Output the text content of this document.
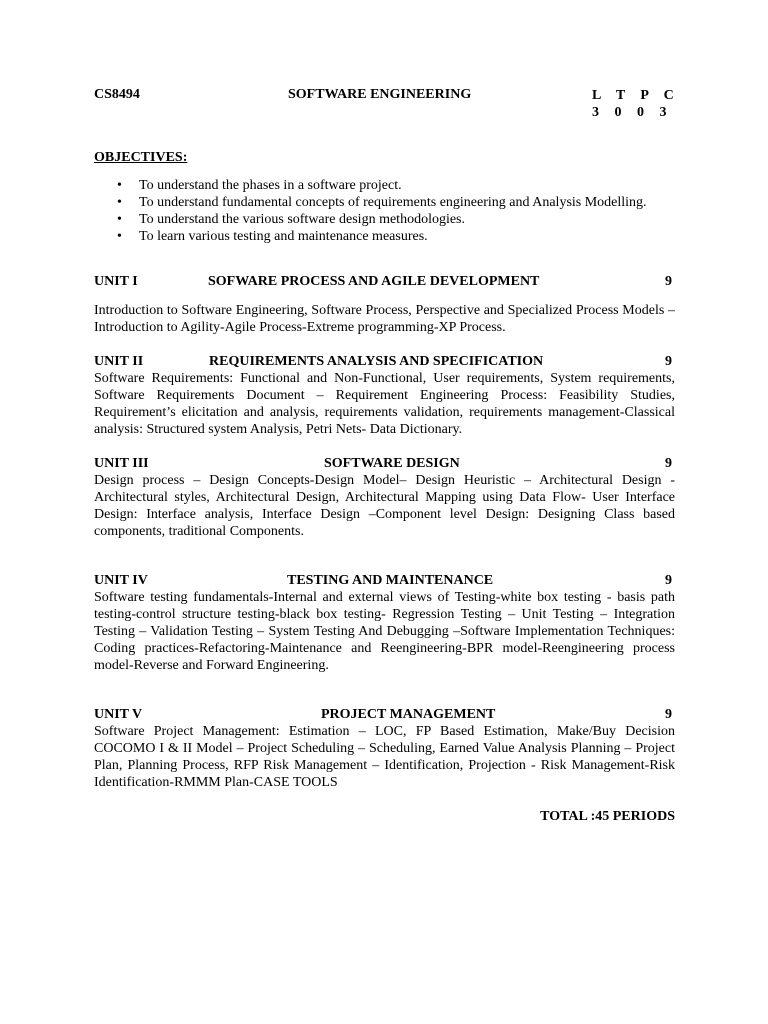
CS8494	SOFTWARE ENGINEERING	L T P C
3 0 0 3
OBJECTIVES:
• To understand the phases in a software project.
• To understand fundamental concepts of requirements engineering and Analysis Modelling.
• To understand the various software design methodologies.
• To learn various testing and maintenance measures.
UNIT I	SOFWARE PROCESS AND AGILE DEVELOPMENT	9
Introduction to Software Engineering, Software Process, Perspective and Specialized Process Models –Introduction to Agility-Agile Process-Extreme programming-XP Process.
UNIT II	REQUIREMENTS ANALYSIS AND SPECIFICATION	9
Software Requirements: Functional and Non-Functional, User requirements, System requirements, Software Requirements Document – Requirement Engineering Process: Feasibility Studies, Requirement’s elicitation and analysis, requirements validation, requirements management-Classical analysis: Structured system Analysis, Petri Nets- Data Dictionary.
UNIT III	SOFTWARE DESIGN	9
Design process – Design Concepts-Design Model– Design Heuristic – Architectural Design - Architectural styles, Architectural Design, Architectural Mapping using Data Flow- User Interface Design: Interface analysis, Interface Design –Component level Design: Designing Class based components, traditional Components.
UNIT IV	TESTING AND MAINTENANCE	9
Software testing fundamentals-Internal and external views of Testing-white box testing - basis path testing-control structure testing-black box testing- Regression Testing – Unit Testing – Integration Testing – Validation Testing – System Testing And Debugging –Software Implementation Techniques: Coding practices-Refactoring-Maintenance and Reengineering-BPR model-Reengineering process model-Reverse and Forward Engineering.
UNIT V	PROJECT MANAGEMENT	9
Software Project Management: Estimation – LOC, FP Based Estimation, Make/Buy Decision COCOMO I & II Model – Project Scheduling – Scheduling, Earned Value Analysis Planning – Project Plan, Planning Process, RFP Risk Management – Identification, Projection - Risk Management-Risk Identification-RMMM Plan-CASE TOOLS
TOTAL :45 PERIODS
